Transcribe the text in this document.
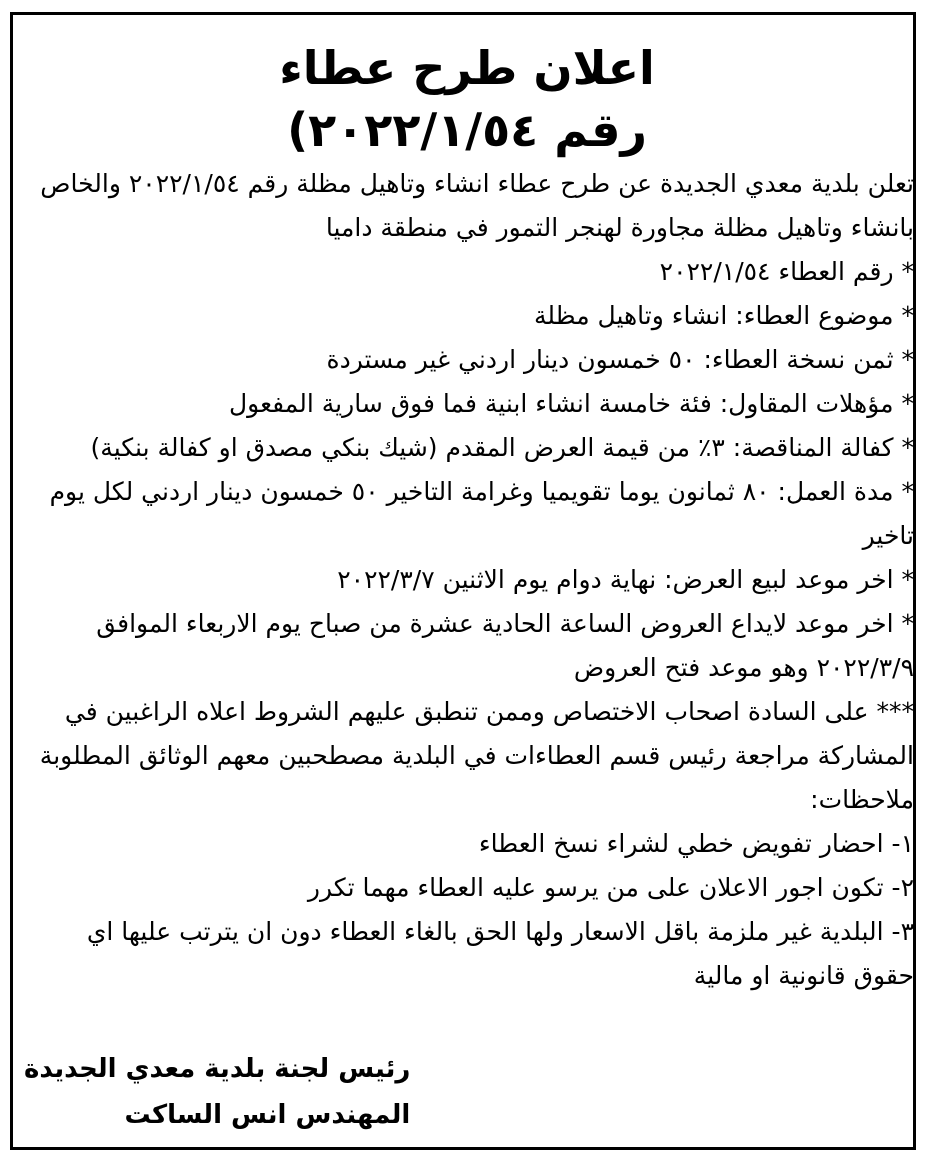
اعلان طرح عطاء
رقم ٢٠٢٢/١/٥٤)

تعلن بلدية معدي الجديدة عن طرح عطاء انشاء وتاهيل مظلة رقم ٢٠٢٢/١/٥٤ والخاص بانشاء وتاهيل مظلة مجاورة لهنجر التمور في منطقة داميا

* رقم العطاء ٢٠٢٢/١/٥٤

* موضوع العطاء: انشاء وتاهيل مظلة

* ثمن نسخة العطاء: ٥٠ خمسون دينار اردني غير مستردة

* مؤهلات المقاول: فئة خامسة انشاء ابنية فما فوق سارية المفعول

* كفالة المناقصة: ٣٪ من قيمة العرض المقدم (شيك بنكي مصدق او كفالة بنكية)

* مدة العمل: ٨٠ ثمانون يوما تقويميا وغرامة التاخير ٥٠ خمسون دينار اردني لكل يوم تاخير

* اخر موعد لبيع العرض: نهاية دوام يوم الاثنين ٢٠٢٢/٣/٧

* اخر موعد لايداع العروض الساعة الحادية عشرة من صباح يوم الاربعاء الموافق ٢٠٢٢/٣/٩ وهو موعد فتح العروض

*** على السادة اصحاب الاختصاص وممن تنطبق عليهم الشروط اعلاه الراغبين في المشاركة مراجعة رئيس قسم العطاءات في البلدية مصطحبين معهم الوثائق المطلوبة

ملاحظات:

١- احضار تفويض خطي لشراء نسخ العطاء

٢- تكون اجور الاعلان على من يرسو عليه العطاء مهما تكرر

٣- البلدية غير ملزمة باقل الاسعار ولها الحق بالغاء العطاء دون ان يترتب عليها اي حقوق قانونية او مالية

رئيس لجنة بلدية معدي الجديدة

المهندس انس الساكت
